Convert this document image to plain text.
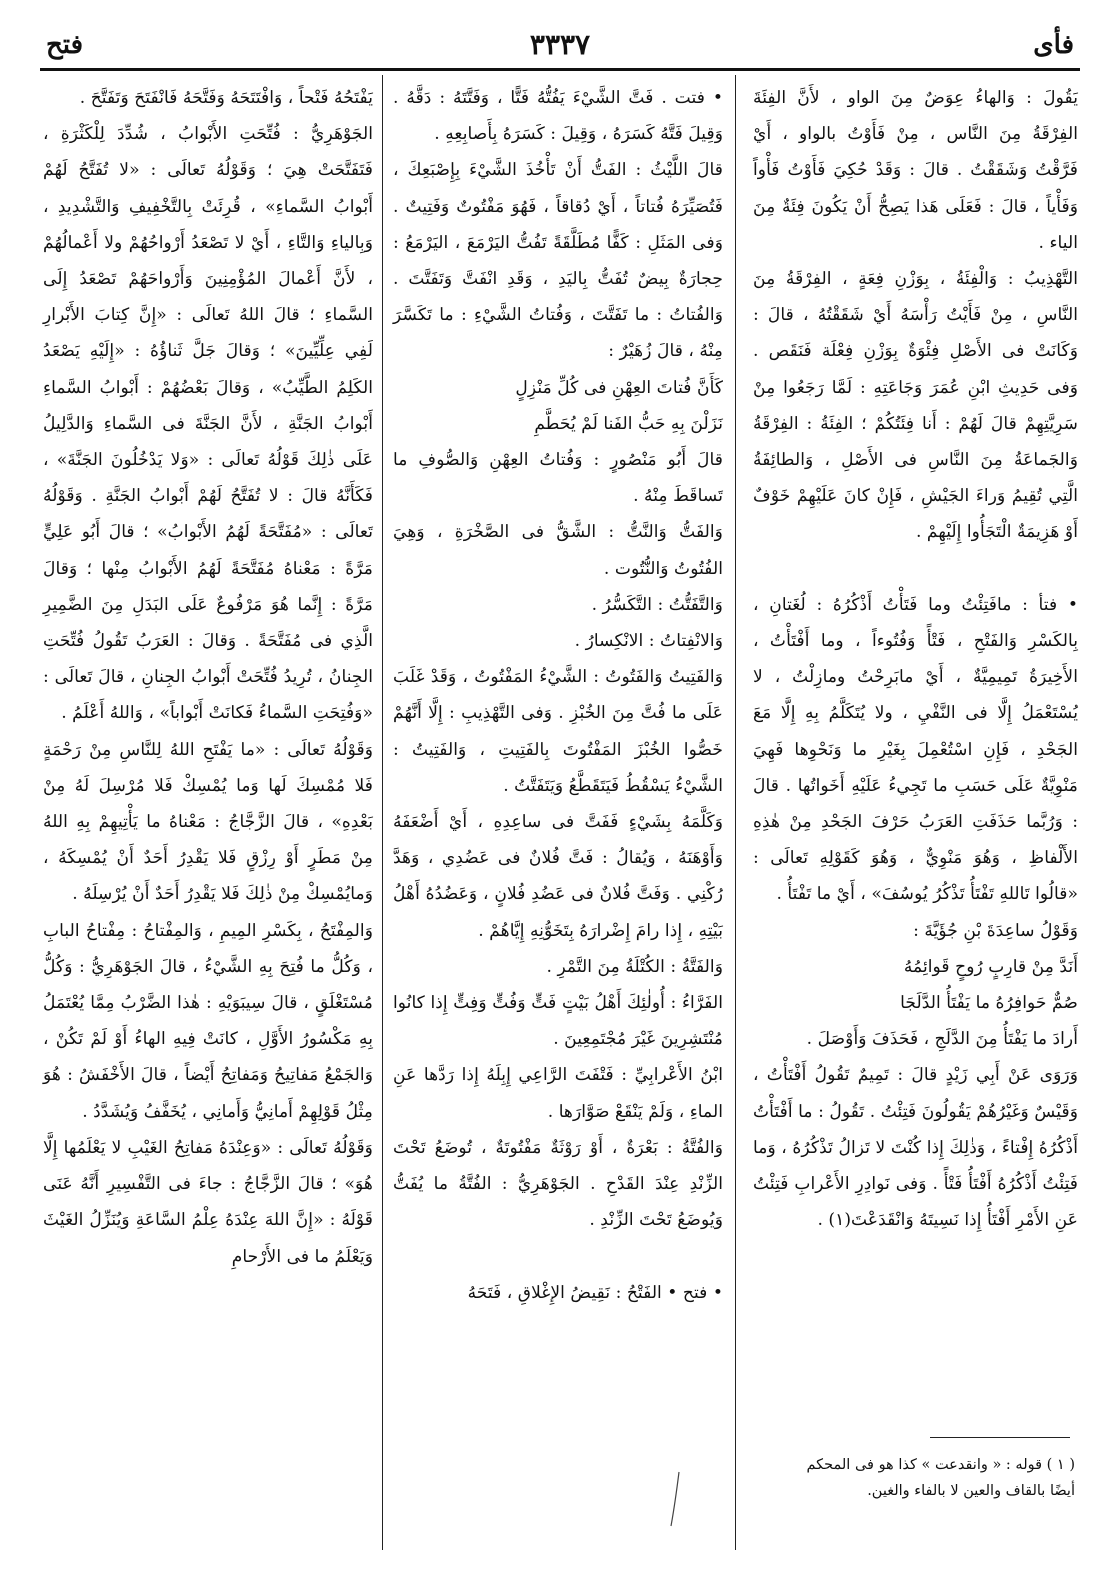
فأى
٣٣٣٧
فتح

يَقُولَ : وَالهاءُ عِوَضٌ مِنَ الواو ، لأَنَّ الفِئَةَ الفِرْقَةُ مِنَ النَّاس ، مِنْ فَأَوْتُ بالواو ، أَيْ فَرَّقْتُ وَشَقَقْتُ . قالَ : وَقَدْ حُكِيَ فَأَوْتُ فَأْواً وَفَأْياً ، قالَ : فَعَلَى هَذا يَصِحُّ أَنْ يَكُونَ فِئَةٌ مِنَ الياء .
التَّهْذِيبُ : وَالْفِئَةُ ، بِوَزْنِ فِعَةٍ ، الفِرْقَةُ مِنَ النَّاسِ ، مِنْ فَأَيْتُ رَأْسَهُ أَيْ شَقَقْتُهُ ، قالَ : وَكَانَتْ فى الأَصْلِ فِئْوَةٌ بِوَزْنِ فِعْلَة فَنَقَص . وَفى حَدِيثِ ابْنِ عُمَرَ وَجَاعَتِهِ : لَمَّا رَجَعُوا مِنْ سَرِيَّتِهِمْ قالَ لَهُمْ : أَنا فِئَتُكُمْ ؛ الفِئَةُ : الفِرْقَةُ وَالجَماعَةُ مِنَ النَّاسِ فى الأَصْلِ ، وَالطائِفَةُ الَّتِي تُقِيمُ وَراءَ الجَيْشِ ، فَإِنْ كانَ عَلَيْهِمْ خَوْفٌ أَوْ هَزِيمَةٌ الْتَجَأُوا إِلَيْهِمْ .

• فتأ : مافَتِئْتُ وما فَتَأْتُ أَذْكُرُهُ : لُغَتانِ ، بِالكَسْرِ وَالفَتْحِ ، فَتْأً وَفُتُوءاً ، وما أَفْتَأْتُ ، الأَخِيرَةُ تَمِيمِيَّةٌ ، أَيْ مابَرِحْتُ ومازِلْتُ ، لا يُسْتَعْمَلُ إِلَّا فى النَّفْيِ ، ولا يُتَكَلَّمُ بِهِ إِلَّا مَعَ الجَحْدِ ، فَإِنِ اسْتُعْمِلَ بِغَيْرِ ما وَنَحْوِها فَهِيَ مَنْوِيَّةٌ عَلَى حَسَبِ ما تَجِيءُ عَلَيْهِ أَخَواتُها . قالَ : وَرُبَّما حَذَفَتِ العَرَبُ حَرْفَ الجَحْدِ مِنْ هٰذِهِ الأَلْفاظِ ، وَهُوَ مَنْوِيٌّ ، وَهُوَ كَقَوْلِهِ تَعالَى : «قالُوا تَاللهِ تَفْتَأُ تَذْكُرُ يُوسُفَ» ، أَيْ ما تَفْتَأُ .
وَقَوْلُ ساعِدَةَ بْنِ جُؤَيَّةَ :
أَنَدَّ مِنْ قارِبٍ رُوحٍ قَوائِمُهُ
صُمٌّ حَوافِرُهُ ما يَفْتَأُ الدَّلَجَا
أَرادَ ما يَفْتَأُ مِنَ الدَّلَجِ ، فَحَذَفَ وَأَوْصَلَ .
وَرَوَى عَنْ أَبِي زَيْدٍ قالَ : تَمِيمٌ تَقُولُ أَفْتَأْتُ ، وَقَيْسٌ وَغَيْرُهُمْ يَقُولُونَ فَتِئْتُ . تَقُولُ : ما أَفْتَأْتُ أَذْكُرُهُ إِفْتاءً ، وَذٰلِكَ إِذا كُنْتَ لا تَزالُ تَذْكُرُهُ ، وَما فَتِئْتُ أَذْكُرُهُ أَفْتَأُ فَتْأً . وَفى نَوادِرِ الأَعْرابِ فَتِئْتُ عَنِ الأَمْرِ أَفْتَأُ إِذا نَسِيتَهُ وَانْقَدَعْتَ(١) .

• فتت . فَتَّ الشَّيْءَ يَفُتُّهُ فَتًّا ، وَفَتَّتَهُ : دَقَّهُ . وَقِيلَ فَتَّهُ كَسَرَهُ ، وَقِيلَ : كَسَرَهُ بِأَصابِعِهِ .
قالَ اللَّيْثُ : الفَتُّ أَنْ تَأْخُذَ الشَّيْءَ بِإِصْبَعِكَ ، فَتُصَيِّرَهُ فُتاتاً ، أَيْ دُقاقاً ، فَهُوَ مَفْتُوتٌ وَفَتِيتٌ . وَفى المَثَلِ : كَفًّا مُطَلَّقَةً تَفُتُّ اليَرْمَعَ ، اليَرْمَعُ : حِجارَةٌ بِيضٌ تُفَتُّ بِاليَدِ ، وَقَدِ انْفَتَّ وَتَفَتَّتَ . وَالفُتاتُ : ما تَفَتَّتَ ، وَفُتاتُ الشَّيْءِ : ما تَكَسَّرَ مِنْهُ ، قالَ زُهَيْرٌ :
كَأَنَّ فُتاتَ العِهْنِ فى كُلِّ مَنْزِلٍ
نَزَلْنَ بِهِ حَبُّ الفَنا لَمْ يُحَطَّمِ
قالَ أَبُو مَنْصُورٍ : وَفُتاتُ العِهْنِ وَالصُّوفِ ما تَساقَطَ مِنْهُ .
وَالفَتُّ وَالنَّتُّ : الشَّقُّ فى الصَّخْرَةِ ، وَهِيَ الفُتُوتُ وَالنُّتُوت .
وَالتَّفَتُّتُ : التَّكَسُّرُ .
وَالانْفِتاتُ : الانْكِسارُ .
وَالفَتِيتُ وَالفَتُوتُ : الشَّيْءُ المَفْتُوتُ ، وَقَدْ غَلَبَ عَلَى ما فُتَّ مِنَ الخُبْزِ . وَفى التَّهْذِيبِ : إِلَّا أَنَّهُمْ خَصُّوا الخُبْزَ المَفْتُوتَ بِالفَتِيتِ ، وَالفَتِيتُ : الشَّيْءُ يَسْقُطُ فَيَتَقَطَّعُ وَيَتَفَتَّتُ .
وَكَلَّمَهُ بِشَيْءٍ فَفَتَّ فى ساعِدِهِ ، أَيْ أَضْعَفَهُ وَأَوْهَنَهُ ، وَيُقالُ : فَتَّ فُلانٌ فى عَضُدِي ، وَهَدَّ رُكْنِي . وَفَتَّ فُلانٌ فى عَضُدِ فُلانٍ ، وَعَضُدُهُ أَهْلُ بَيْتِهِ ، إِذا رامَ إِضْرارَهُ بِتَخَوُّنِهِ إِيَّاهُمْ .
وَالفَتَّةُ : الكُتْلَةُ مِنَ التَّمْرِ .
الفَرَّاءُ : أُولٰئِكَ أَهْلُ بَيْتٍ فَتٍّ وَفُتٍّ وَفِتٍّ إِذا كانُوا مُنْتَشِرِينَ غَيْرَ مُجْتَمِعِينَ .
ابْنُ الأَعْرابِيِّ : فَتْفَتَ الرَّاعِي إِبِلَهُ إِذا رَدَّها عَنِ الماءِ ، وَلَمْ يَنْقَعْ صَوَّارَها .
وَالفُتَّةُ : بَعْرَةٌ ، أَوْ رَوْثَةٌ مَفْتُوتَةٌ ، تُوضَعُ تَحْتَ الزِّنْدِ عِنْدَ القَدْحِ . الجَوْهَرِيُّ : الفُتَّةُ ما يُفَتُّ وَيُوضَعُ تَحْتَ الزِّنْدِ .

• فتح • الفَتْحُ : نَقِيضُ الإِغْلاقِ ، فَتَحَهُ

يَفْتَحُهُ فَتْحاً ، وَافْتَتَحَهُ وَفَتَّحَهُ فَانْفَتَحَ وَتَفَتَّحَ .
الجَوْهَرِيُّ : فُتِّحَتِ الأَبْوابُ ، شُدِّدَ لِلْكَثْرَةِ ، فَتَفَتَّحَتْ هِيَ ؛ وَقَوْلُهُ تَعالَى : «لا تُفَتَّحُ لَهُمْ أَبْوابُ السَّماءِ» ، قُرِئَتْ بِالتَّخْفِيفِ وَالتَّشْدِيدِ ، وَبِالياءِ وَالتَّاءِ ، أَيْ لا تَصْعَدُ أَرْواحُهُمْ ولا أَعْمالُهُمْ ، لأَنَّ أَعْمالَ المُؤْمِنِينَ وَأَرْواحَهُمْ تَصْعَدُ إِلَى السَّماءِ ؛ قالَ اللهُ تَعالَى : «إِنَّ كِتابَ الأَبْرارِ لَفِي عِلِّيِّينَ» ؛ وَقالَ جَلَّ ثَناؤُهُ : «إِلَيْهِ يَصْعَدُ الكَلِمُ الطَّيِّبُ» ، وَقالَ بَعْضُهُمْ : أَبْوابُ السَّماءِ أَبْوابُ الجَنَّةِ ، لأَنَّ الجَنَّةَ فى السَّماءِ وَالدَّلِيلُ عَلَى ذٰلِكَ قَوْلُهُ تَعالَى : «وَلا يَدْخُلُونَ الجَنَّةَ» ، فَكَأَنَّهُ قالَ : لا تُفَتَّحُ لَهُمْ أَبْوابُ الجَنَّةِ . وَقَوْلُهُ تَعالَى : «مُفَتَّحَةً لَهُمُ الأَبْوابُ» ؛ قالَ أَبُو عَلِيٍّ مَرَّةً : مَعْناهُ مُفَتَّحَةً لَهُمُ الأَبْوابُ مِنْها ؛ وَقالَ مَرَّةً : إِنَّما هُوَ مَرْفُوعٌ عَلَى البَدَلِ مِنَ الضَّمِيرِ الَّذِي فى مُفَتَّحَةً . وَقالَ : العَرَبُ تَقُولُ فُتِّحَتِ الجِنانُ ، تُرِيدُ فُتِّحَتْ أَبْوابُ الجِنانِ ، قالَ تَعالَى : «وَفُتِحَتِ السَّماءُ فَكانَتْ أَبْواباً» ، وَاللهُ أَعْلَمُ .
وَقَوْلُهُ تَعالَى : «ما يَفْتَحِ اللهُ لِلنَّاسِ مِنْ رَحْمَةٍ فَلا مُمْسِكَ لَها وَما يُمْسِكْ فَلا مُرْسِلَ لَهُ مِنْ بَعْدِهِ» ، قالَ الزَّجَّاجُ : مَعْناهُ ما يَأْتِيهِمْ بِهِ اللهُ مِنْ مَطَرٍ أَوْ رِزْقٍ فَلا يَقْدِرُ أَحَدٌ أَنْ يُمْسِكَهُ ، وَمايُمْسِكْ مِنْ ذٰلِكَ فَلا يَقْدِرُ أَحَدٌ أَنْ يُرْسِلَهُ .
وَالمِفْتَحُ ، بِكَسْرِ المِيمِ ، وَالمِفْتاحُ : مِفْتاحُ البابِ ، وَكُلُّ ما فُتِحَ بِهِ الشَّيْءُ ، قالَ الجَوْهَرِيُّ : وَكُلُّ مُسْتَغْلَقٍ ، قالَ سِيبَوَيْهِ : هٰذا الضَّرْبُ مِمَّا يُعْتَمَلُ بِهِ مَكْسُورُ الأَوَّلِ ، كانَتْ فِيهِ الهاءُ أَوْ لَمْ تَكُنْ ، وَالجَمْعُ مَفاتِيحُ وَمَفاتِحُ أَيْضاً ، قالَ الأَخْفَشُ : هُوَ مِثْلُ قَوْلِهِمْ أَمانِيُّ وَأَمانِي ، يُخَفَّفُ وَيُشَدَّدُ .
وَقَوْلُهُ تَعالَى : «وَعِنْدَهُ مَفاتِحُ الغَيْبِ لا يَعْلَمُها إِلَّا هُوَ» ؛ قالَ الزَّجَّاجُ : جاءَ فى التَّفْسِيرِ أَنَّهُ عَنَى قَوْلَهُ : «إِنَّ اللهَ عِنْدَهُ عِلْمُ السَّاعَةِ وَيُنَزِّلُ الغَيْثَ وَيَعْلَمُ ما فى الأَرْحامِ

( ١ ) قوله : « وانقدعت » كذا هو فى المحكم
أيضًا بالقاف والعين لا بالفاء والغين.
